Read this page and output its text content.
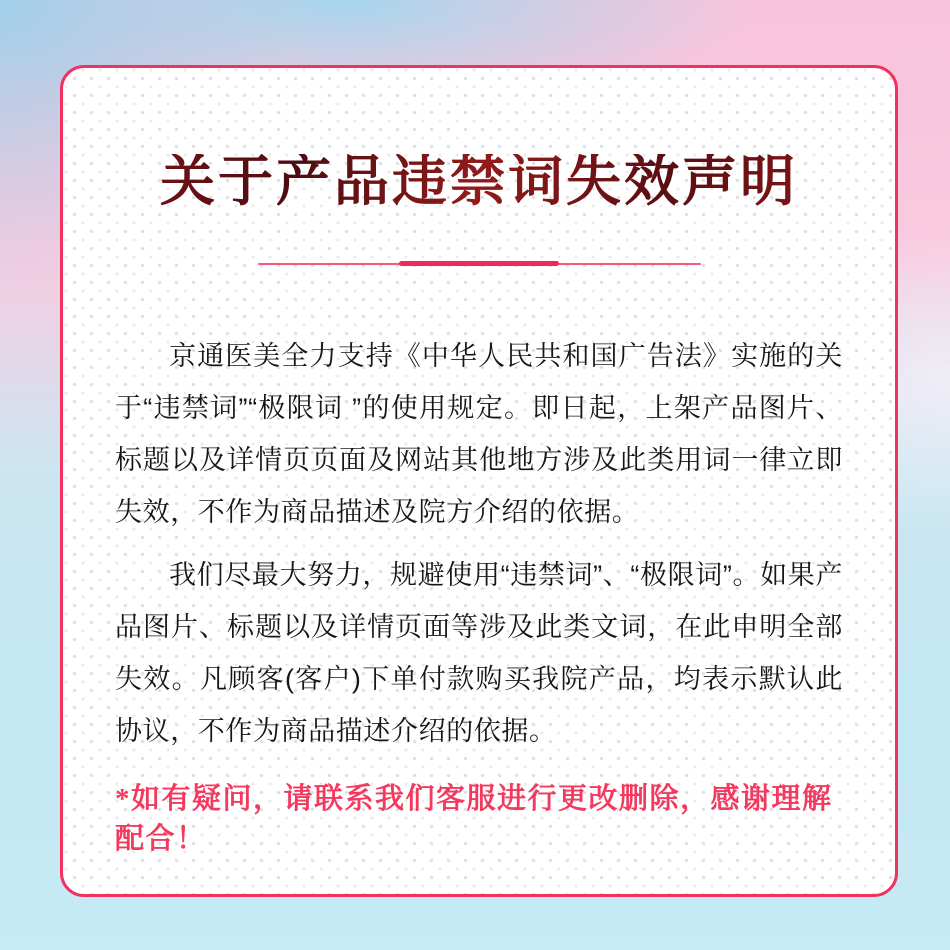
关于产品违禁词失效声明

京通医美全力支持《中华人民共和国广告法》实施的关于“违禁词”“极限词 ”的使用规定。即日起，上架产品图片、标题以及详情页页面及网站其他地方涉及此类用词一律立即失效，不作为商品描述及院方介绍的依据。

我们尽最大努力，规避使用“违禁词”、“极限词”。如果产品图片、标题以及详情页面等涉及此类文词，在此申明全部失效。凡顾客(客户)下单付款购买我院产品，均表示默认此协议，不作为商品描述介绍的依据。

*如有疑问，请联系我们客服进行更改删除，感谢理解配合！
